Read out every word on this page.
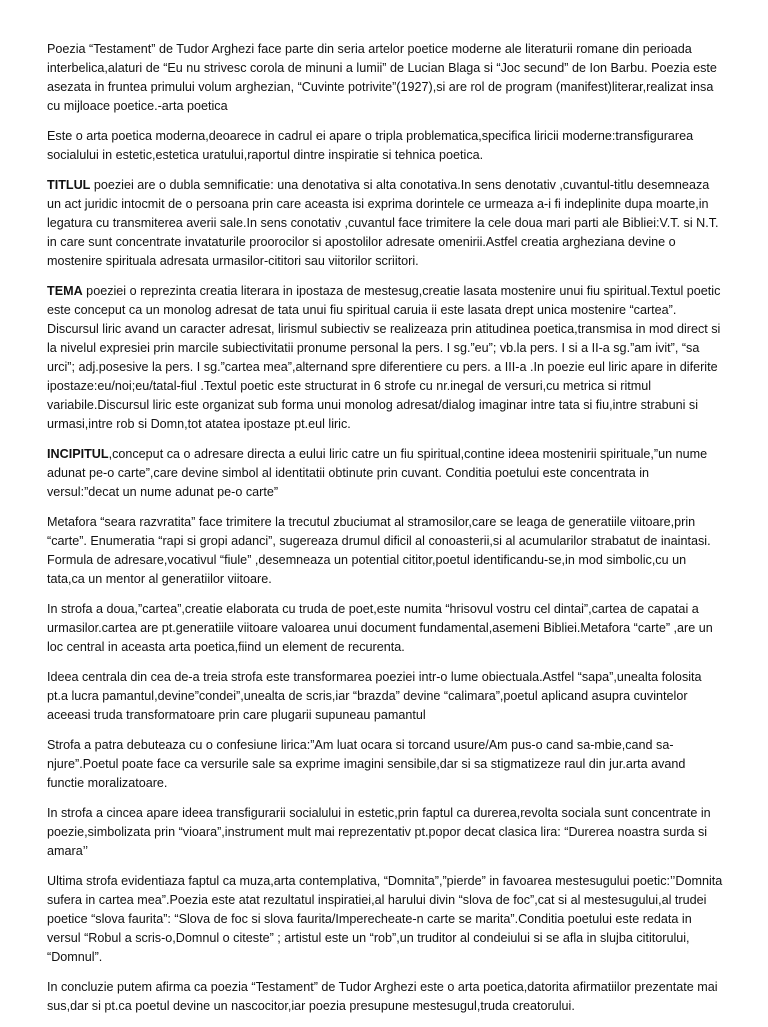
Poezia “Testament” de Tudor Arghezi face parte din seria artelor poetice moderne ale literaturii romane din perioada interbelica,alaturi de “Eu nu strivesc corola de minuni a lumii” de Lucian Blaga si “Joc secund” de Ion Barbu. Poezia este asezata in fruntea primului volum arghezian, “Cuvinte potrivite”(1927),si are rol de program (manifest)literar,realizat insa cu mijloace poetice.-arta poetica

Este o arta poetica moderna,deoarece in cadrul ei apare o tripla problematica,specifica liricii moderne:transfigurarea socialului in estetic,estetica uratului,raportul dintre inspiratie si tehnica poetica.

TITLUL poeziei are o dubla semnificatie: una denotativa si alta conotativa.In sens denotativ ,cuvantul-titlu desemneaza un act juridic intocmit de o persoana prin care aceasta isi exprima dorintele ce urmeaza a-i fi indeplinite dupa moarte,in legatura cu transmiterea averii sale.In sens conotativ ,cuvantul face trimitere la cele doua mari parti ale Bibliei:V.T. si N.T. in care sunt concentrate invataturile proorocilor si apostolilor adresate omenirii.Astfel creatia argheziana devine o mostenire spirituala adresata urmasilor-cititori sau viitorilor scriitori.

TEMA poeziei o reprezinta creatia literara in ipostaza de mestesug,creatie lasata mostenire unui fiu spiritual.Textul poetic este conceput ca un monolog adresat de tata unui fiu spiritual caruia ii este lasata drept unica mostenire “cartea”. Discursul liric avand un caracter adresat, lirismul subiectiv se realizeaza prin atitudinea poetica,transmisa in mod direct si la nivelul expresiei prin marcile subiectivitatii pronume personal la pers. I sg.”eu”; vb.la pers. I si a II-a sg.”am ivit”, “sa urci”; adj.posesive la pers. I sg.”cartea mea”,alternand spre diferentiere cu pers. a III-a .In poezie eul liric apare in diferite ipostaze:eu/noi;eu/tatal-fiul .Textul poetic este structurat in 6 strofe cu nr.inegal de versuri,cu metrica si ritmul variabile.Discursul liric este organizat sub forma unui monolog adresat/dialog imaginar intre tata si fiu,intre strabuni si urmasi,intre rob si Domn,tot atatea ipostaze pt.eul liric.

INCIPITUL,conceput ca o adresare directa a eului liric catre un fiu spiritual,contine ideea mostenirii spirituale,”un nume adunat pe-o carte”,care devine simbol al identitatii obtinute prin cuvant. Conditia poetului este concentrata in versul:”decat un nume adunat pe-o carte”

Metafora “seara razvratita” face trimitere la trecutul zbuciumat al stramosilor,care se leaga de generatiile viitoare,prin “carte”. Enumeratia “rapi si gropi adanci”, sugereaza drumul dificil al conoasterii,si al acumularilor strabatut de inaintasi. Formula de adresare,vocativul “fiule” ,desemneaza un potential cititor,poetul identificandu-se,in mod simbolic,cu un tata,ca un mentor al generatiilor viitoare.

In strofa a doua,”cartea”,creatie elaborata cu truda de poet,este numita “hrisovul vostru cel dintai”,cartea de capatai a urmasilor.cartea are pt.generatiile viitoare valoarea unui document fundamental,asemeni Bibliei.Metafora “carte” ,are un loc central in aceasta arta poetica,fiind un element de recurenta.

Ideea centrala din cea de-a treia strofa este transformarea poeziei intr-o lume obiectuala.Astfel “sapa”,unealta folosita pt.a lucra pamantul,devine”condei”,unealta de scris,iar “brazda” devine “calimara”,poetul aplicand asupra cuvintelor aceeasi truda transformatoare prin care plugarii supuneau pamantul

Strofa a patra debuteaza cu o confesiune lirica:”Am luat ocara si torcand usure/Am pus-o cand sa-mbie,cand sa-njure”.Poetul poate face ca versurile sale sa exprime imagini sensibile,dar si sa stigmatizeze raul din jur.arta avand functie moralizatoare.

In strofa a cincea apare ideea transfigurarii socialului in estetic,prin faptul ca durerea,revolta sociala sunt concentrate in poezie,simbolizata prin “vioara”,instrument mult mai reprezentativ pt.popor decat clasica lira: “Durerea noastra surda si amara’’

Ultima strofa evidentiaza faptul ca muza,arta contemplativa, “Domnita”,”pierde” in favoarea mestesugului poetic:’’Domnita sufera in cartea mea”.Poezia este atat rezultatul inspiratiei,al harului divin “slova de foc”,cat si al mestesugului,al trudei poetice “slova faurita”: “Slova de foc si slova faurita/Imperecheate-n carte se marita”.Conditia poetului este redata in versul “Robul a scris-o,Domnul o citeste” ; artistul este un “rob”,un truditor al condeiului si se afla in slujba cititorului, “Domnul”.

In concluzie putem afirma ca poezia “Testament” de Tudor Arghezi este o arta poetica,datorita afirmatiilor prezentate mai sus,dar si pt.ca poetul devine un nascocitor,iar poezia presupune mestesugul,truda creatorului.
